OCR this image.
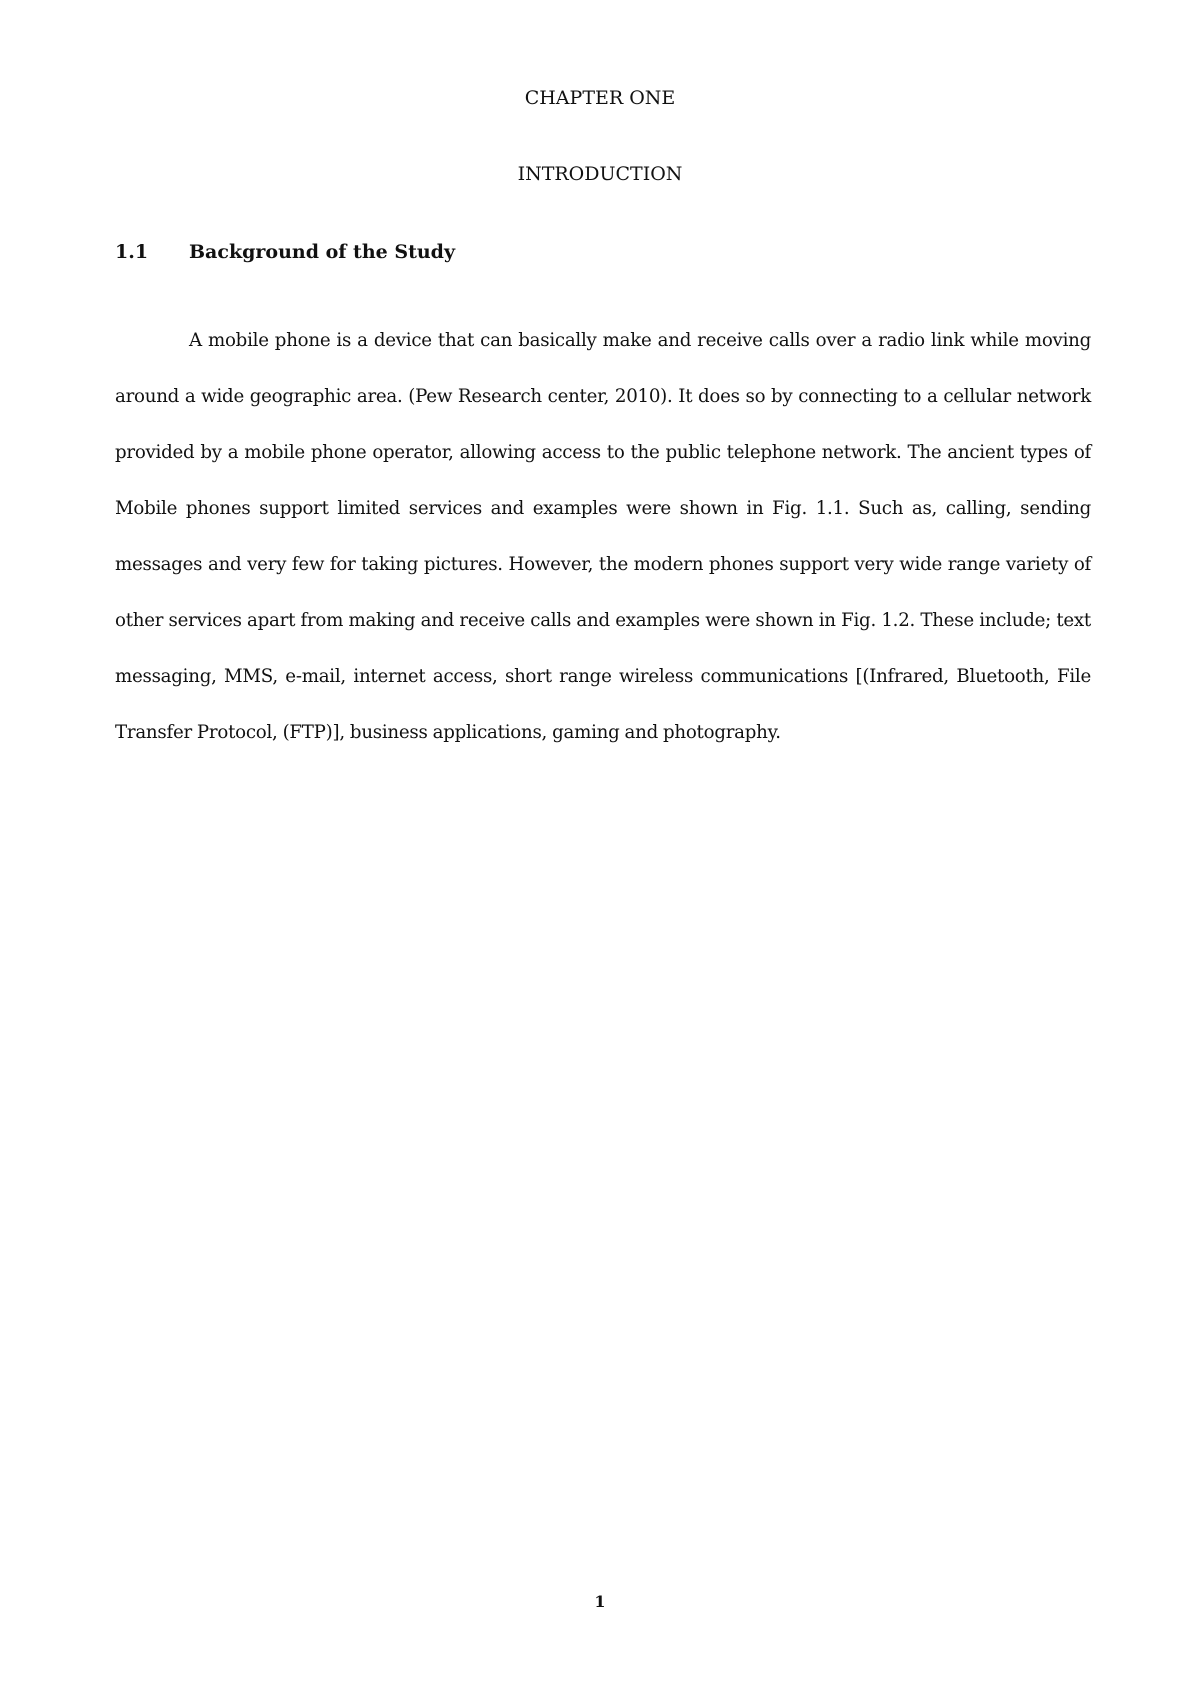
CHAPTER ONE
INTRODUCTION
1.1 Background of the Study

A mobile phone is a device that can basically make and receive calls over a radio link while moving around a wide geographic area. (Pew Research center, 2010). It does so by connecting to a cellular network provided by a mobile phone operator, allowing access to the public telephone network. The ancient types of Mobile phones support limited services and examples were shown in Fig. 1.1. Such as, calling, sending messages and very few for taking pictures. However, the modern phones support very wide range variety of other services apart from making and receive calls and examples were shown in Fig. 1.2. These include; text messaging, MMS, e-mail, internet access, short range wireless communications [(Infrared, Bluetooth, File Transfer Protocol, (FTP)], business applications, gaming and photography.

1
